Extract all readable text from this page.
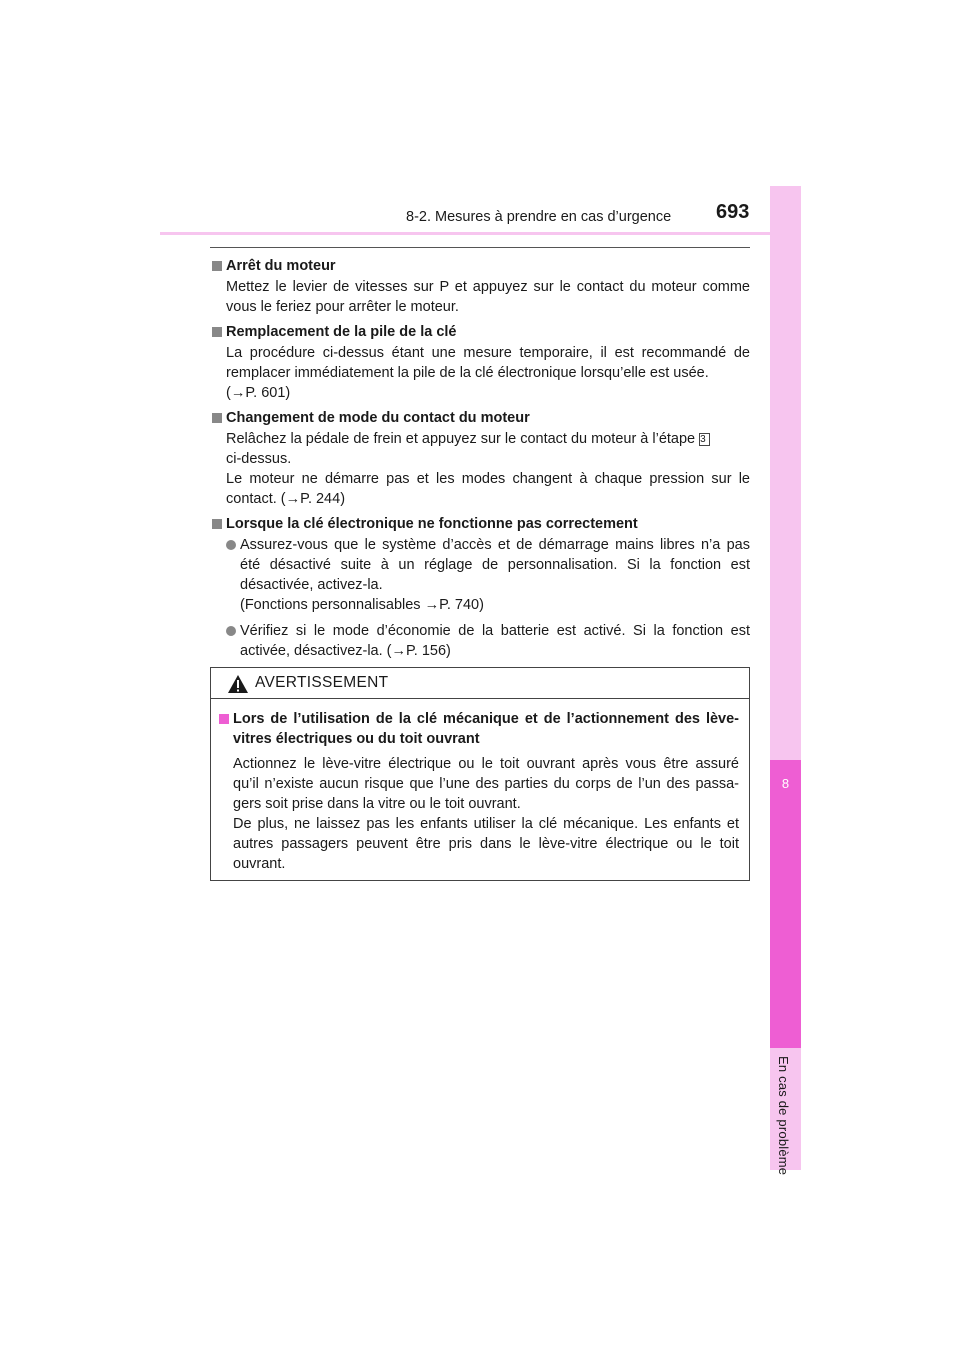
8
En cas de problème
8-2. Mesures à prendre en cas d’urgence 693
Arrêt du moteur
Mettez le levier de vitesses sur P et appuyez sur le contact du moteur comme
vous le feriez pour arrêter le moteur.
Remplacement de la pile de la clé
La procédure ci-dessus étant une mesure temporaire, il est recommandé de
remplacer immédiatement la pile de la clé électronique lorsqu’elle est usée.
(→P. 601)
Changement de mode du contact du moteur
Relâchez la pédale de frein et appuyez sur le contact du moteur à l’étape 3
ci-dessus.
Le moteur ne démarre pas et les modes changent à chaque pression sur le
contact. (→P. 244)
Lorsque la clé électronique ne fonctionne pas correctement
Assurez-vous que le système d’accès et de démarrage mains libres n’a pas
été désactivé suite à un réglage de personnalisation. Si la fonction est
désactivée, activez-la.
(Fonctions personnalisables →P. 740)
Vérifiez si le mode d’économie de la batterie est activé. Si la fonction est
activée, désactivez-la. (→P. 156)
AVERTISSEMENT
Lors de l’utilisation de la clé mécanique et de l’actionnement des lève-
vitres électriques ou du toit ouvrant
Actionnez le lève-vitre électrique ou le toit ouvrant après vous être assuré
qu’il n’existe aucun risque que l’une des parties du corps de l’un des passa-
gers soit prise dans la vitre ou le toit ouvrant.
De plus, ne laissez pas les enfants utiliser la clé mécanique. Les enfants et
autres passagers peuvent être pris dans le lève-vitre électrique ou le toit
ouvrant.
